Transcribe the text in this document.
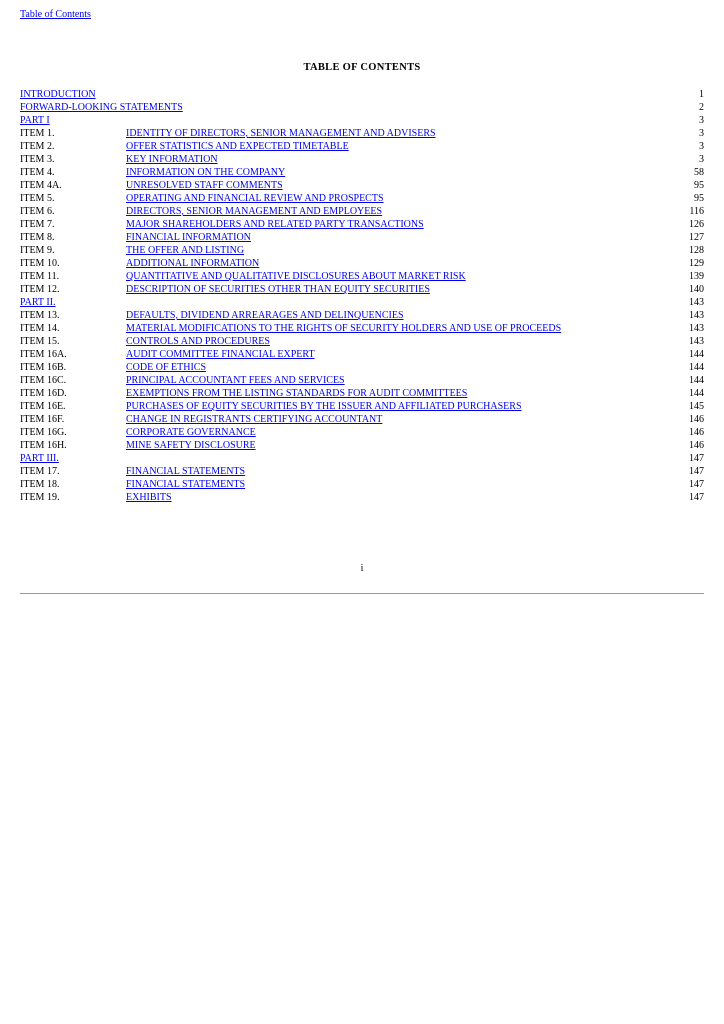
Table of Contents
TABLE OF CONTENTS
INTRODUCTION	1
FORWARD-LOOKING STATEMENTS	2
PART I	3
ITEM 1.	IDENTITY OF DIRECTORS, SENIOR MANAGEMENT AND ADVISERS	3
ITEM 2.	OFFER STATISTICS AND EXPECTED TIMETABLE	3
ITEM 3.	KEY INFORMATION	3
ITEM 4.	INFORMATION ON THE COMPANY	58
ITEM 4A.	UNRESOLVED STAFF COMMENTS	95
ITEM 5.	OPERATING AND FINANCIAL REVIEW AND PROSPECTS	95
ITEM 6.	DIRECTORS, SENIOR MANAGEMENT AND EMPLOYEES	116
ITEM 7.	MAJOR SHAREHOLDERS AND RELATED PARTY TRANSACTIONS	126
ITEM 8.	FINANCIAL INFORMATION	127
ITEM 9.	THE OFFER AND LISTING	128
ITEM 10.	ADDITIONAL INFORMATION	129
ITEM 11.	QUANTITATIVE AND QUALITATIVE DISCLOSURES ABOUT MARKET RISK	139
ITEM 12.	DESCRIPTION OF SECURITIES OTHER THAN EQUITY SECURITIES	140
PART II.	143
ITEM 13.	DEFAULTS, DIVIDEND ARREARAGES AND DELINQUENCIES	143
ITEM 14.	MATERIAL MODIFICATIONS TO THE RIGHTS OF SECURITY HOLDERS AND USE OF PROCEEDS	143
ITEM 15.	CONTROLS AND PROCEDURES	143
ITEM 16A.	AUDIT COMMITTEE FINANCIAL EXPERT	144
ITEM 16B.	CODE OF ETHICS	144
ITEM 16C.	PRINCIPAL ACCOUNTANT FEES AND SERVICES	144
ITEM 16D.	EXEMPTIONS FROM THE LISTING STANDARDS FOR AUDIT COMMITTEES	144
ITEM 16E.	PURCHASES OF EQUITY SECURITIES BY THE ISSUER AND AFFILIATED PURCHASERS	145
ITEM 16F.	CHANGE IN REGISTRANTS CERTIFYING ACCOUNTANT	146
ITEM 16G.	CORPORATE GOVERNANCE	146
ITEM 16H.	MINE SAFETY DISCLOSURE	146
PART III.	147
ITEM 17.	FINANCIAL STATEMENTS	147
ITEM 18.	FINANCIAL STATEMENTS	147
ITEM 19.	EXHIBITS	147
i
